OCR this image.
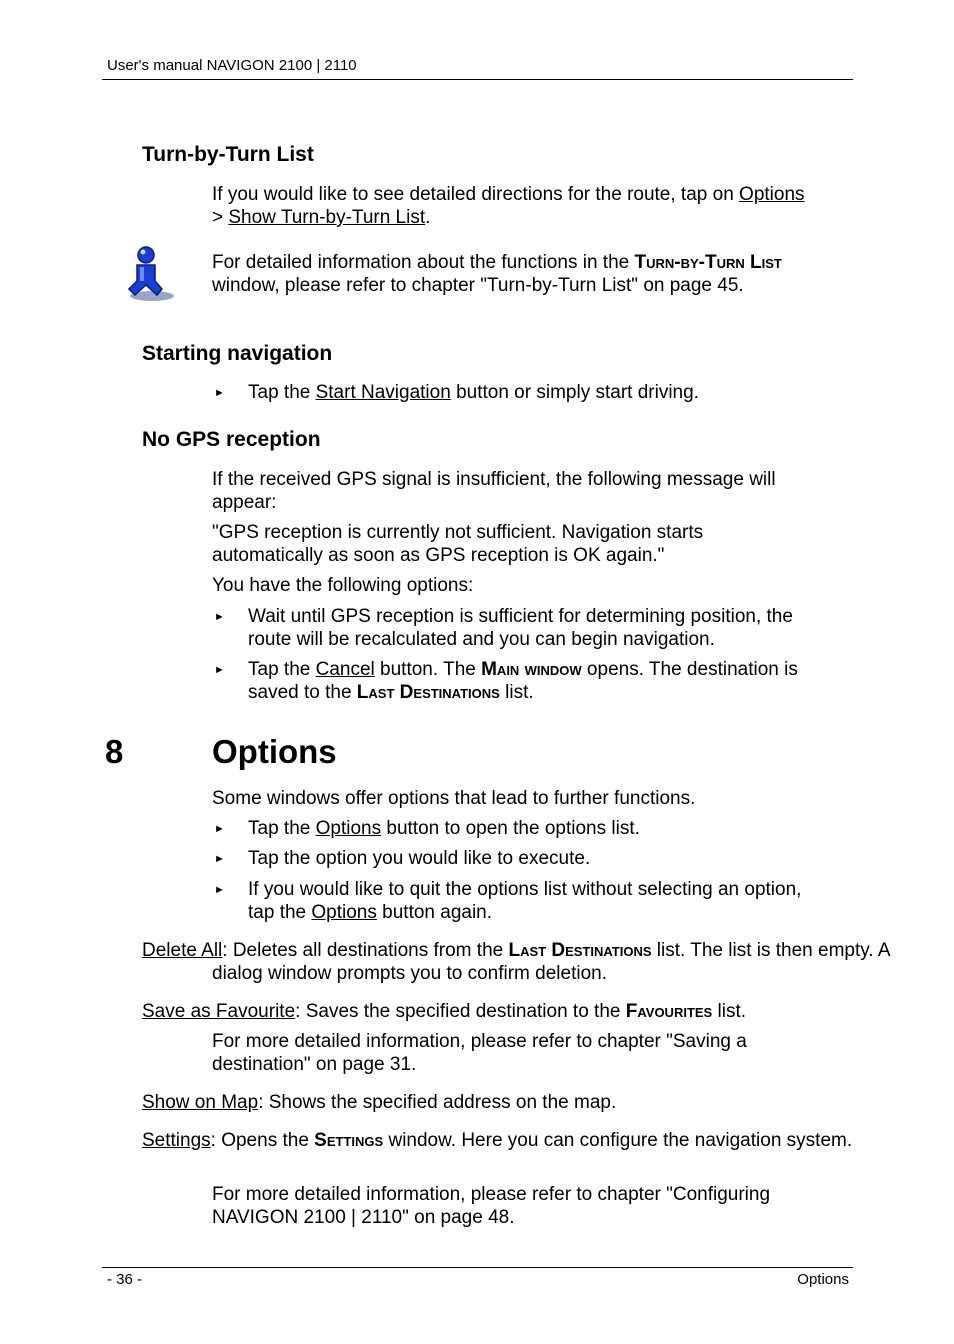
User's manual NAVIGON 2100 | 2110
Turn-by-Turn List
If you would like to see detailed directions for the route, tap on Options
> Show Turn-by-Turn List.
For detailed information about the functions in the Turn-by-Turn List
window, please refer to chapter "Turn-by-Turn List" on page 45.
Starting navigation
► Tap the Start Navigation button or simply start driving.
No GPS reception
If the received GPS signal is insufficient, the following message will
appear:
"GPS reception is currently not sufficient. Navigation starts
automatically as soon as GPS reception is OK again."
You have the following options:
► Wait until GPS reception is sufficient for determining position, the
route will be recalculated and you can begin navigation.
► Tap the Cancel button. The Main window opens. The destination is
saved to the Last Destinations list.
8	Options
Some windows offer options that lead to further functions.
► Tap the Options button to open the options list.
► Tap the option you would like to execute.
► If you would like to quit the options list without selecting an option,
tap the Options button again.
Delete All: Deletes all destinations from the Last Destinations list. The list is then empty. A dialog window prompts you to confirm deletion.
Save as Favourite: Saves the specified destination to the Favourites list.
For more detailed information, please refer to chapter "Saving a
destination" on page 31.
Show on Map: Shows the specified address on the map.
Settings: Opens the Settings window. Here you can configure the navigation system.
For more detailed information, please refer to chapter "Configuring
NAVIGON 2100 | 2110" on page 48.
- 36 -	Options
